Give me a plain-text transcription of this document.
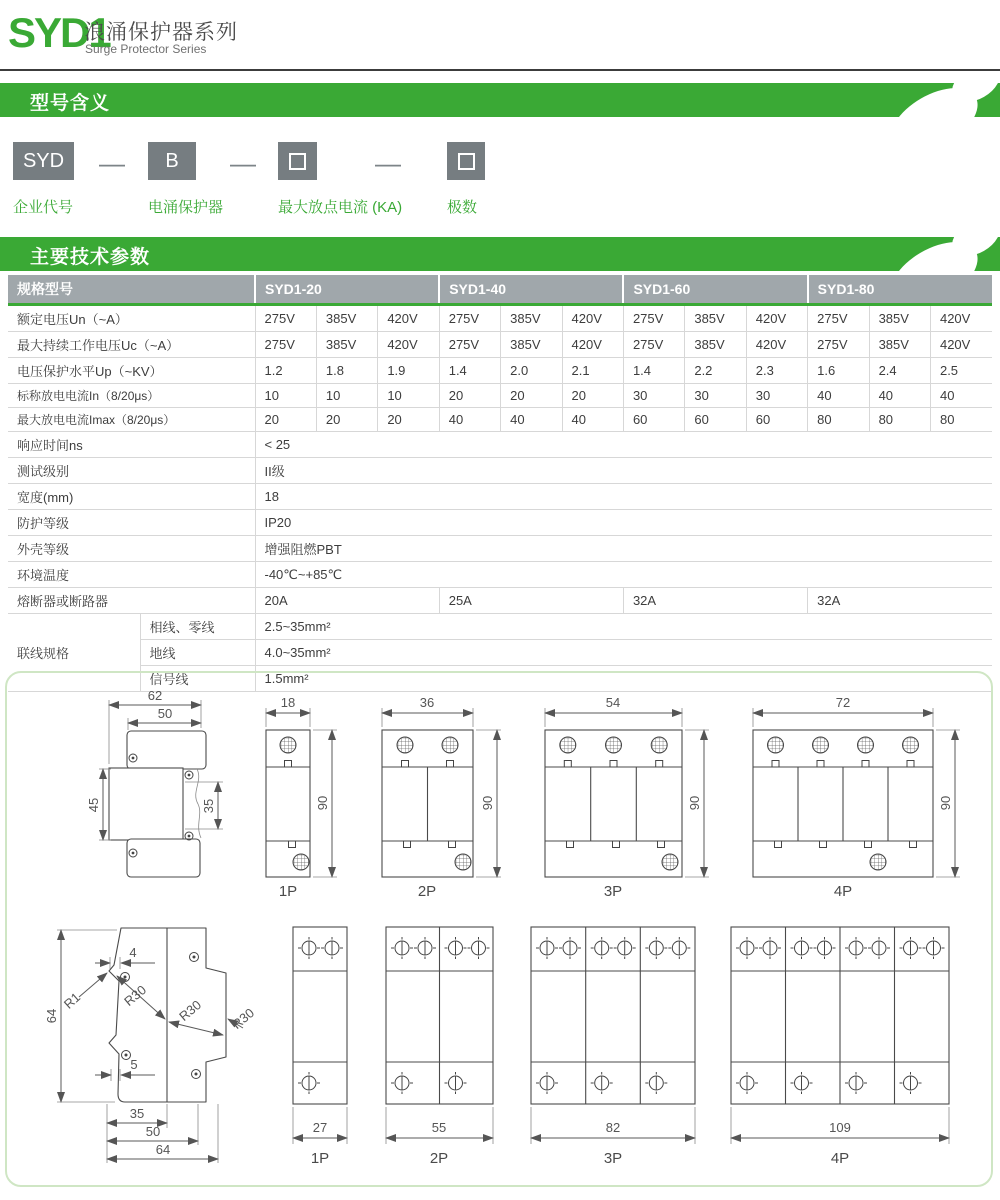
SYD1
浪涌保护器系列
Surge Protector Series
型号含义
SYD	—	B	—	—
企业代号	电涌保护器	最大放点电流 (KA)	极数
主要技术参数
规格型号		SYD1-20			SYD1-40			SYD1-60			SYD1-80		
额定电压Un（~A）		275V	385V	420V	275V	385V	420V	275V	385V	420V	275V	385V	420V
最大持续工作电压Uc（~A）		275V	385V	420V	275V	385V	420V	275V	385V	420V	275V	385V	420V
电压保护水平Up（~KV）		1.2	1.8	1.9	1.4	2.0	2.1	1.4	2.2	2.3	1.6	2.4	2.5
标称放电电流In（8/20μs）		10	10	10	20	20	20	30	30	30	40	40	40
最大放电电流Imax（8/20μs）		20	20	20	40	40	40	60	60	60	80	80	80
响应时间ns		< 25											
测试级别		II级											
宽度(mm)		18											
防护等级		IP20											
外壳等级		增强阻燃PBT											
环境温度		-40℃~+85℃											
熔断器或断路器		20A			25A			32A			32A		
联线规格	相线、零线	2.5~35mm²											
	地线	4.0~35mm²											
	信号线	1.5mm²											
62
50
45	35
18
90
1P
36
90
2P
54
90
3P
72
90
4P
64
4
5
R1	R30
R30 R30
35
50
64
27
1P
55
2P
82
3P
109
4P
